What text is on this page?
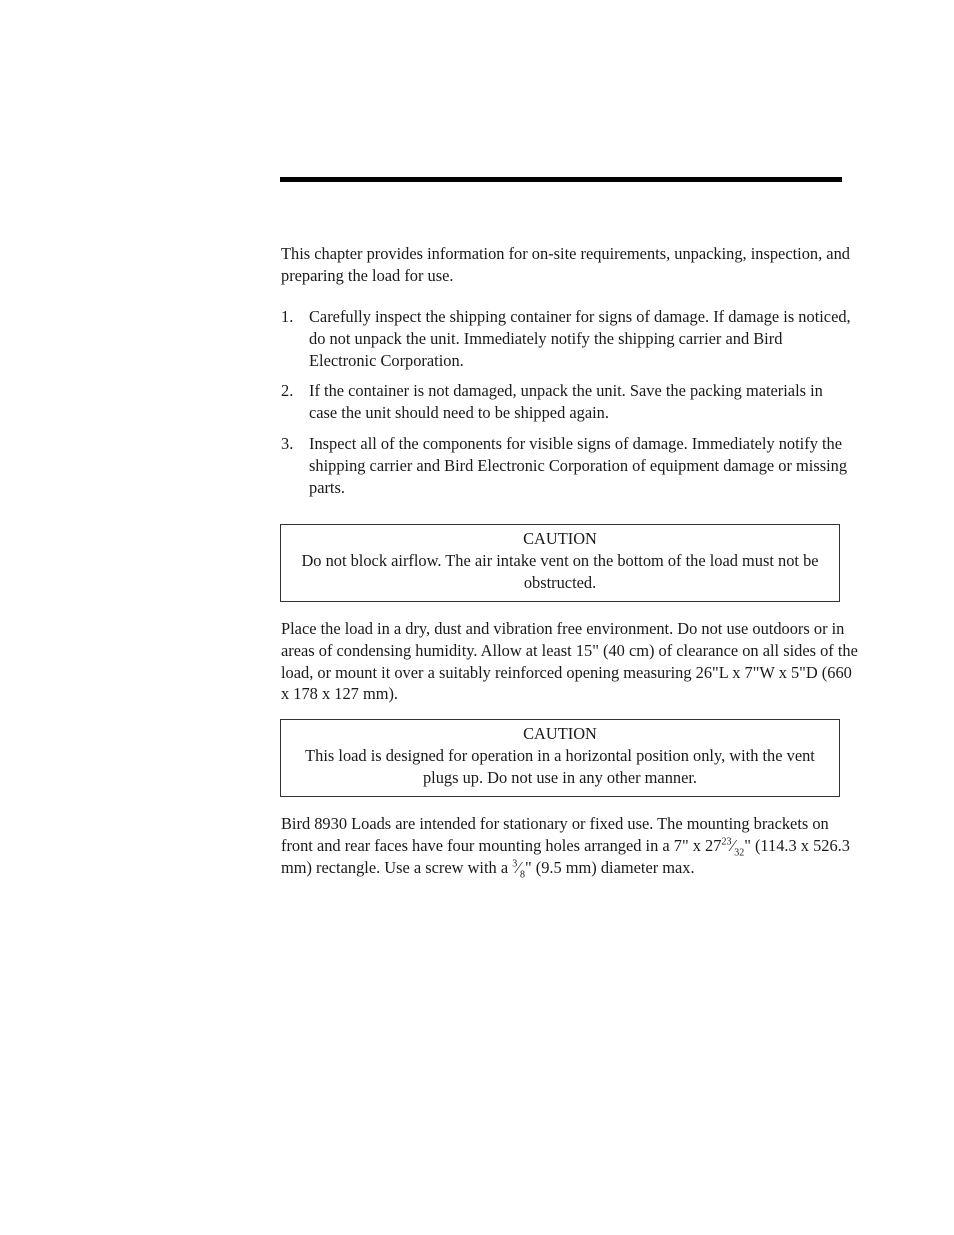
This chapter provides information for on-site requirements, unpacking, inspection, and preparing the load for use.
1. Carefully inspect the shipping container for signs of damage. If damage is noticed, do not unpack the unit. Immediately notify the shipping carrier and Bird Electronic Corporation.
2. If the container is not damaged, unpack the unit. Save the packing materials in case the unit should need to be shipped again.
3. Inspect all of the components for visible signs of damage. Immediately notify the shipping carrier and Bird Electronic Corporation of equipment damage or missing parts.
CAUTION
Do not block airflow. The air intake vent on the bottom of the load must not be obstructed.
Place the load in a dry, dust and vibration free environment. Do not use outdoors or in areas of condensing humidity. Allow at least 15" (40 cm) of clearance on all sides of the load, or mount it over a suitably reinforced opening measuring 26"L x 7"W x 5"D (660 x 178 x 127 mm).
CAUTION
This load is designed for operation in a horizontal position only, with the vent plugs up. Do not use in any other manner.
Bird 8930 Loads are intended for stationary or fixed use. The mounting brackets on front and rear faces have four mounting holes arranged in a 7" x $27^{23}⁄_{32}$" (114.3 x 526.3 mm) rectangle. Use a screw with a $^3⁄_8$" (9.5 mm) diameter max.
